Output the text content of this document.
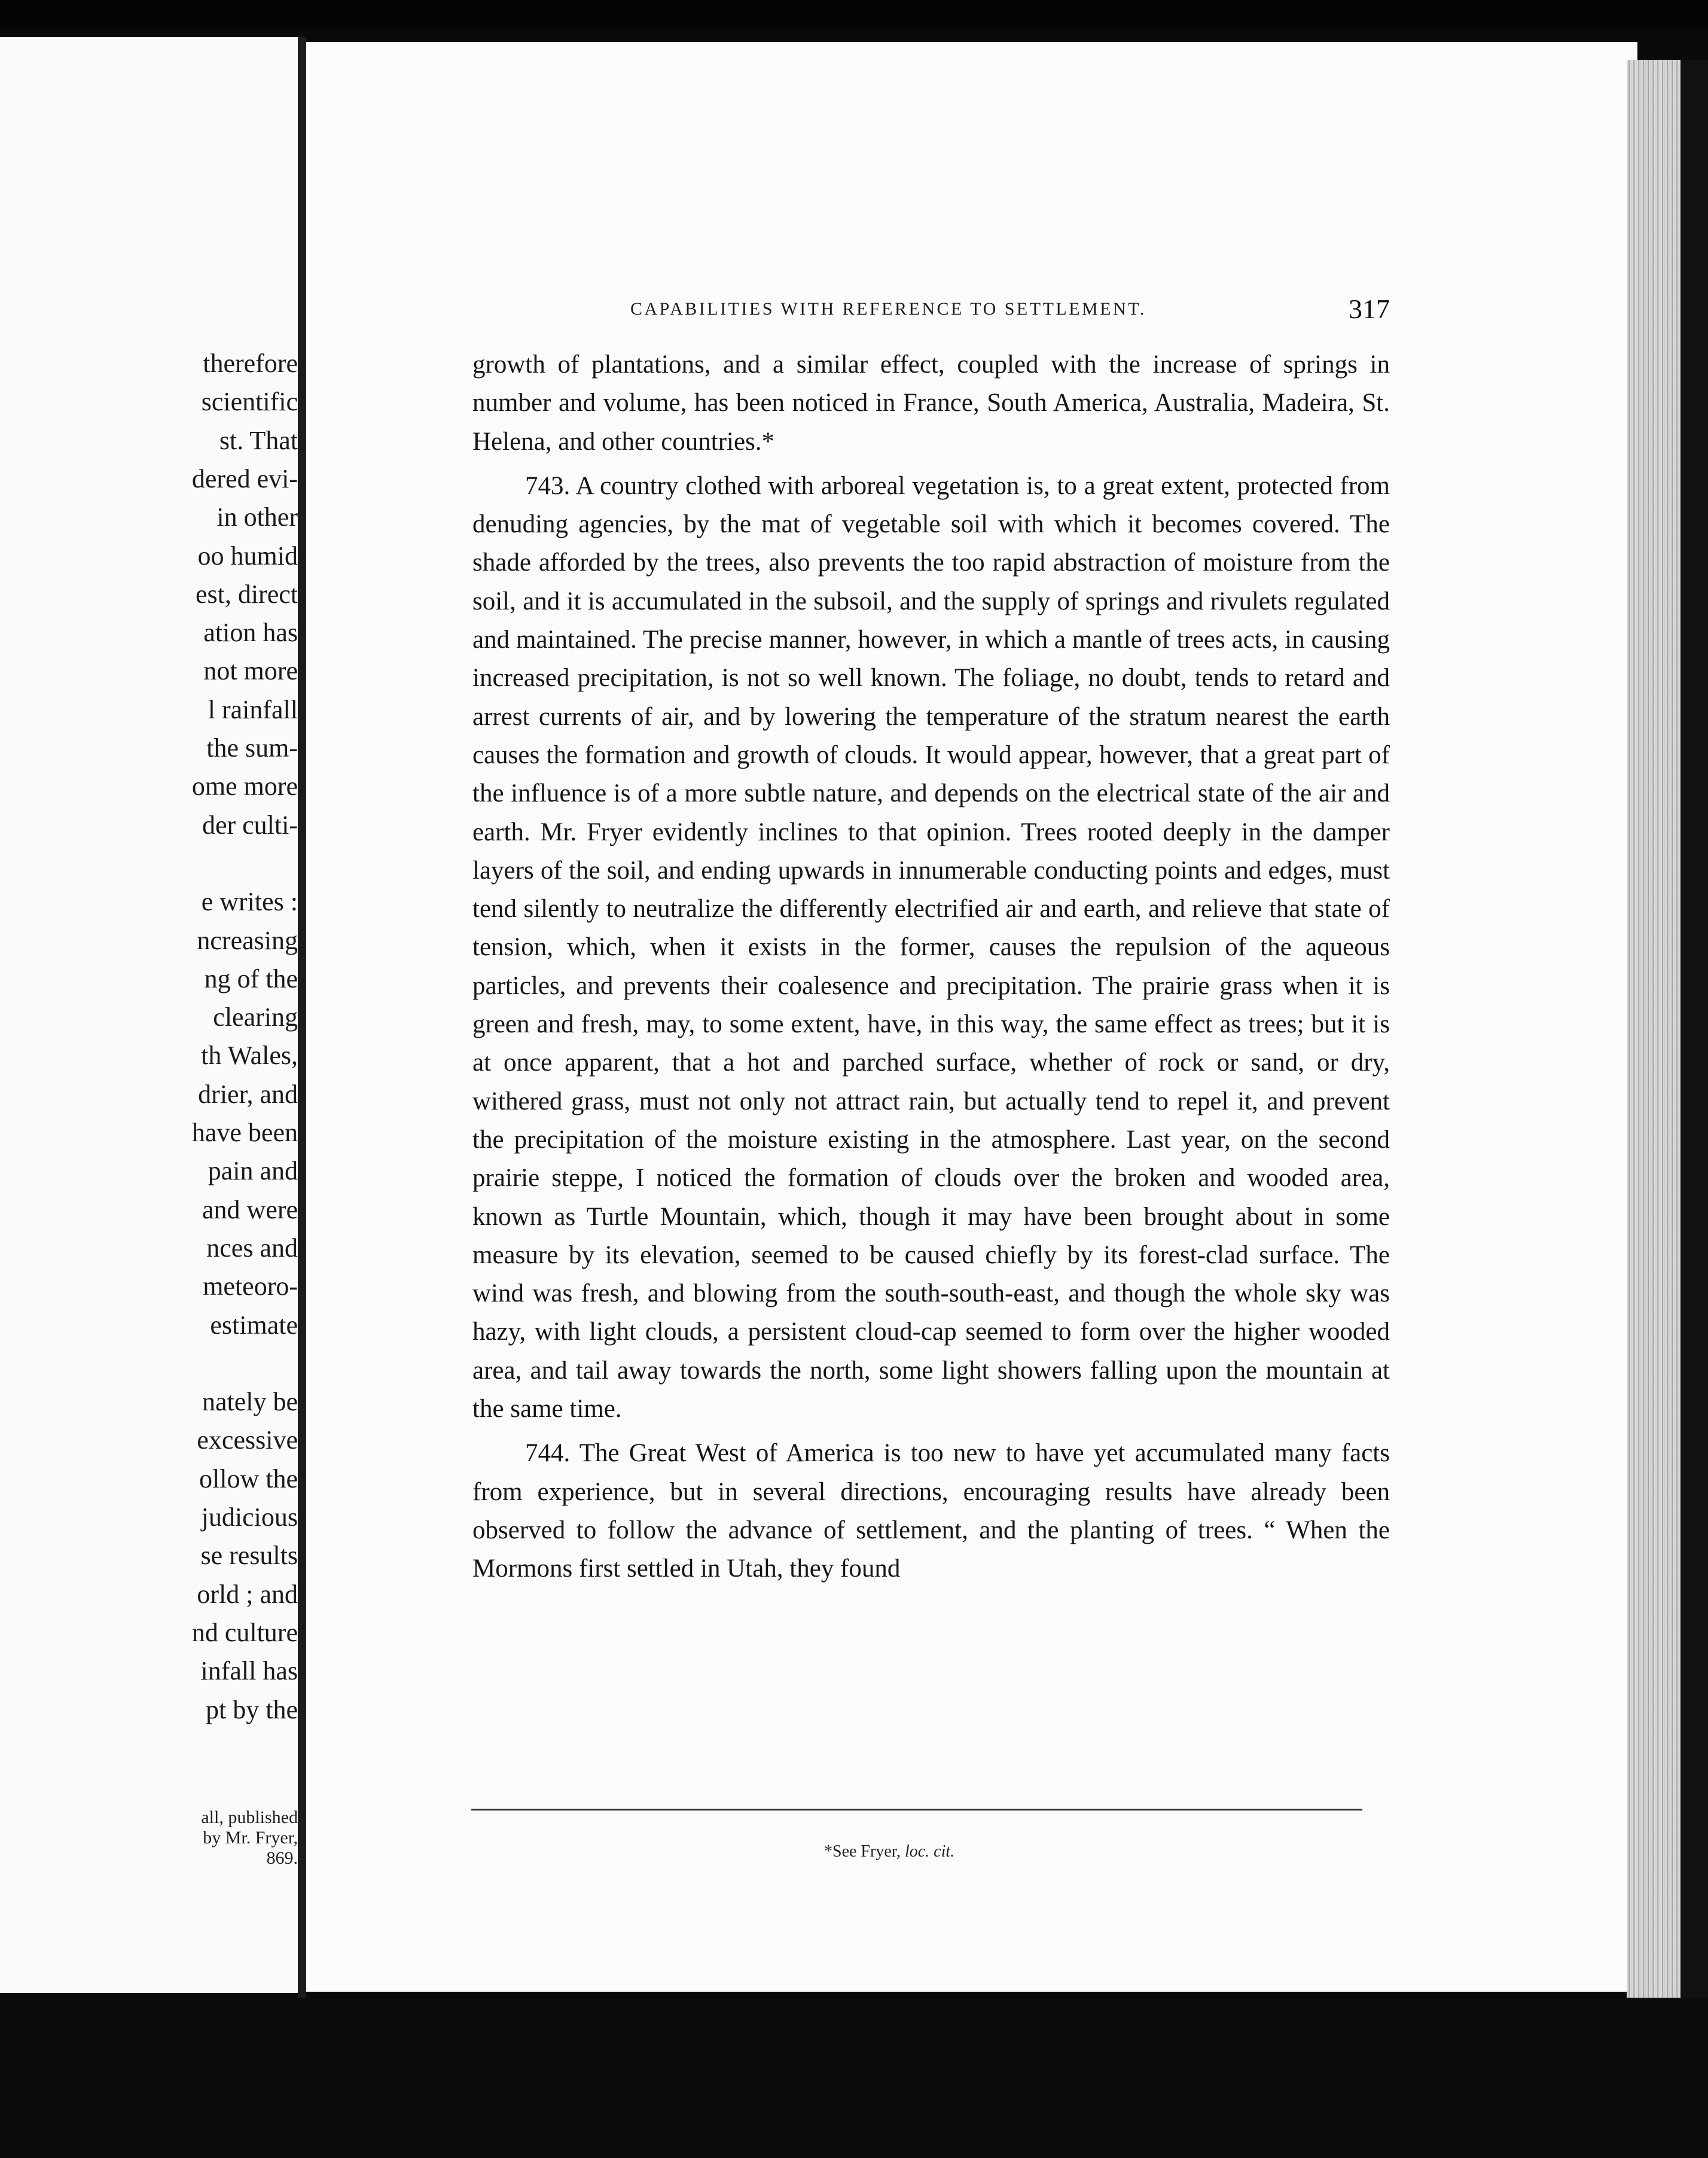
therefore
scientific
st. That
dered evi-
in other
oo humid
est, direct
ation has
not more
l rainfall
the sum-
ome more
der culti-
e writes :
ncreasing
ng of the
clearing
th Wales,
drier, and
have been
pain and
and were
nces and
meteoro-
estimate
nately be
excessive
ollow the
judicious
se results
orld ; and
nd culture
infall has
pt by the
all, published
by Mr. Fryer,
869.
CAPABILITIES WITH REFERENCE TO SETTLEMENT.	317

growth of plantations, and a similar effect, coupled with the increase of springs in number and volume, has been noticed in France, South America, Australia, Madeira, St. Helena, and other countries.*

743. A country clothed with arboreal vegetation is, to a great extent, protected from denuding agencies, by the mat of vegetable soil with which it becomes covered. The shade afforded by the trees, also prevents the too rapid abstraction of moisture from the soil, and it is accumulated in the subsoil, and the supply of springs and rivulets regulated and maintained. The precise manner, however, in which a mantle of trees acts, in causing increased precipitation, is not so well known. The foliage, no doubt, tends to retard and arrest currents of air, and by lowering the temperature of the stratum nearest the earth causes the formation and growth of clouds. It would appear, however, that a great part of the influence is of a more subtle nature, and depends on the electrical state of the air and earth. Mr. Fryer evidently inclines to that opinion. Trees rooted deeply in the damper layers of the soil, and ending upwards in innumerable conducting points and edges, must tend silently to neutralize the differently electrified air and earth, and relieve that state of tension, which, when it exists in the former, causes the repulsion of the aqueous particles, and prevents their coalesence and precipitation. The prairie grass when it is green and fresh, may, to some extent, have, in this way, the same effect as trees; but it is at once apparent, that a hot and parched surface, whether of rock or sand, or dry, withered grass, must not only not attract rain, but actually tend to repel it, and prevent the precipitation of the moisture existing in the atmosphere. Last year, on the second prairie steppe, I noticed the formation of clouds over the broken and wooded area, known as Turtle Mountain, which, though it may have been brought about in some measure by its elevation, seemed to be caused chiefly by its forest-clad surface. The wind was fresh, and blowing from the south-south-east, and though the whole sky was hazy, with light clouds, a persistent cloud-cap seemed to form over the higher wooded area, and tail away towards the north, some light showers falling upon the mountain at the same time.

744. The Great West of America is too new to have yet accumulated many facts from experience, but in several directions, encouraging results have already been observed to follow the advance of settlement, and the planting of trees. “ When the Mormons first settled in Utah, they found

*See Fryer, loc. cit.
